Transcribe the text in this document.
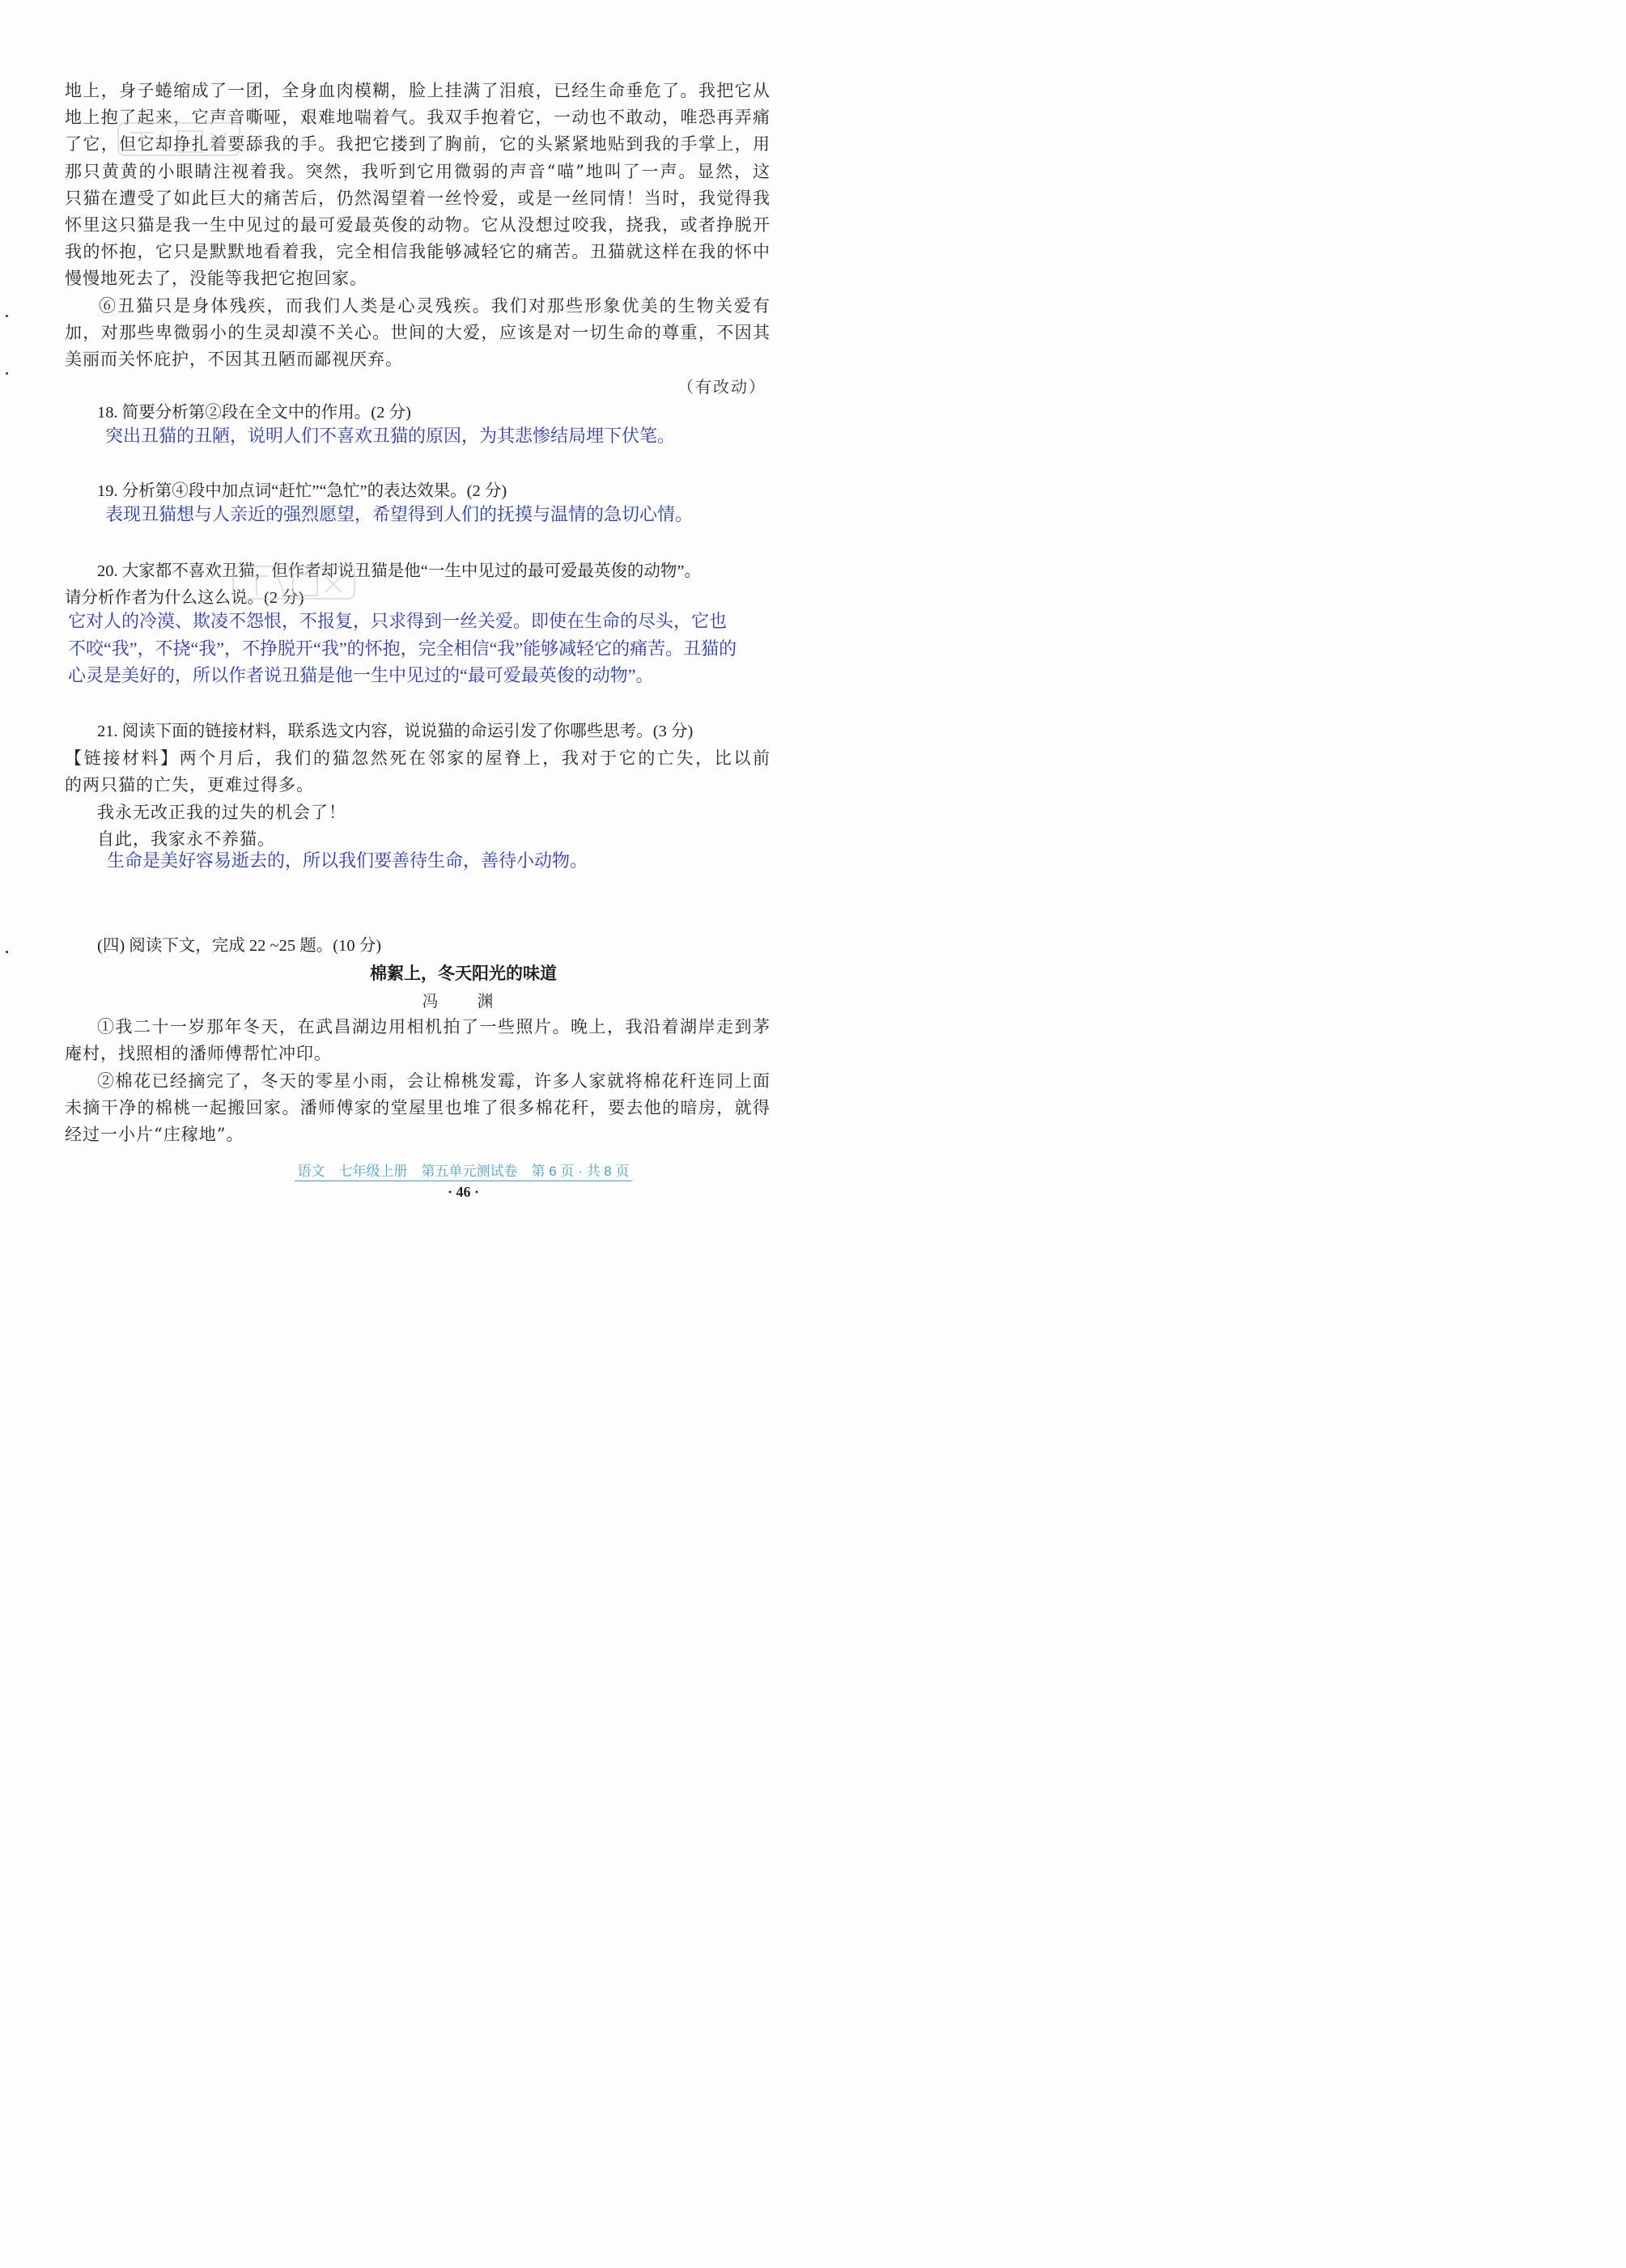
地上，身子蜷缩成了一团，全身血肉模糊，脸上挂满了泪痕，已经生命垂危了。我把它从
地上抱了起来，它声音嘶哑，艰难地喘着气。我双手抱着它，一动也不敢动，唯恐再弄痛
了它，但它却挣扎着要舔我的手。我把它搂到了胸前，它的头紧紧地贴到我的手掌上，用
那只黄黄的小眼睛注视着我。突然，我听到它用微弱的声音“喵”地叫了一声。显然，这
只猫在遭受了如此巨大的痛苦后，仍然渴望着一丝怜爱，或是一丝同情！当时，我觉得我
怀里这只猫是我一生中见过的最可爱最英俊的动物。它从没想过咬我，挠我，或者挣脱开
我的怀抱，它只是默默地看着我，完全相信我能够减轻它的痛苦。丑猫就这样在我的怀中
慢慢地死去了，没能等我把它抱回家。
⑥丑猫只是身体残疾，而我们人类是心灵残疾。我们对那些形象优美的生物关爱有
加，对那些卑微弱小的生灵却漠不关心。世间的大爱，应该是对一切生命的尊重，不因其
美丽而关怀庇护，不因其丑陋而鄙视厌弃。
（有改动）
18. 简要分析第②段在全文中的作用。(2 分)
突出丑猫的丑陋，说明人们不喜欢丑猫的原因，为其悲惨结局埋下伏笔。
19. 分析第④段中加点词“赶忙”“急忙”的表达效果。(2 分)
表现丑猫想与人亲近的强烈愿望，希望得到人们的抚摸与温情的急切心情。
20. 大家都不喜欢丑猫，但作者却说丑猫是他“一生中见过的最可爱最英俊的动物”。
请分析作者为什么这么说。(2 分)
它对人的冷漠、欺凌不怨恨，不报复，只求得到一丝关爱。即使在生命的尽头，它也
不咬“我”，不挠“我”，不挣脱开“我”的怀抱，完全相信“我”能够减轻它的痛苦。丑猫的
心灵是美好的，所以作者说丑猫是他一生中见过的“最可爱最英俊的动物”。
21. 阅读下面的链接材料，联系选文内容，说说猫的命运引发了你哪些思考。(3 分)
【链接材料】两个月后，我们的猫忽然死在邻家的屋脊上，我对于它的亡失，比以前
的两只猫的亡失，更难过得多。
我永无改正我的过失的机会了！
自此，我家永不养猫。
生命是美好容易逝去的，所以我们要善待生命，善待小动物。
(四) 阅读下文，完成 22 ~25 题。(10 分)
棉絮上，冬天阳光的味道
冯　渊
①我二十一岁那年冬天，在武昌湖边用相机拍了一些照片。晚上，我沿着湖岸走到茅
庵村，找照相的潘师傅帮忙冲印。
②棉花已经摘完了，冬天的零星小雨，会让棉桃发霉，许多人家就将棉花秆连同上面
未摘干净的棉桃一起搬回家。潘师傅家的堂屋里也堆了很多棉花秆，要去他的暗房，就得
经过一小片“庄稼地”。
语文　七年级上册　第五单元测试卷　第 6 页 · 共 8 页
· 46 ·
